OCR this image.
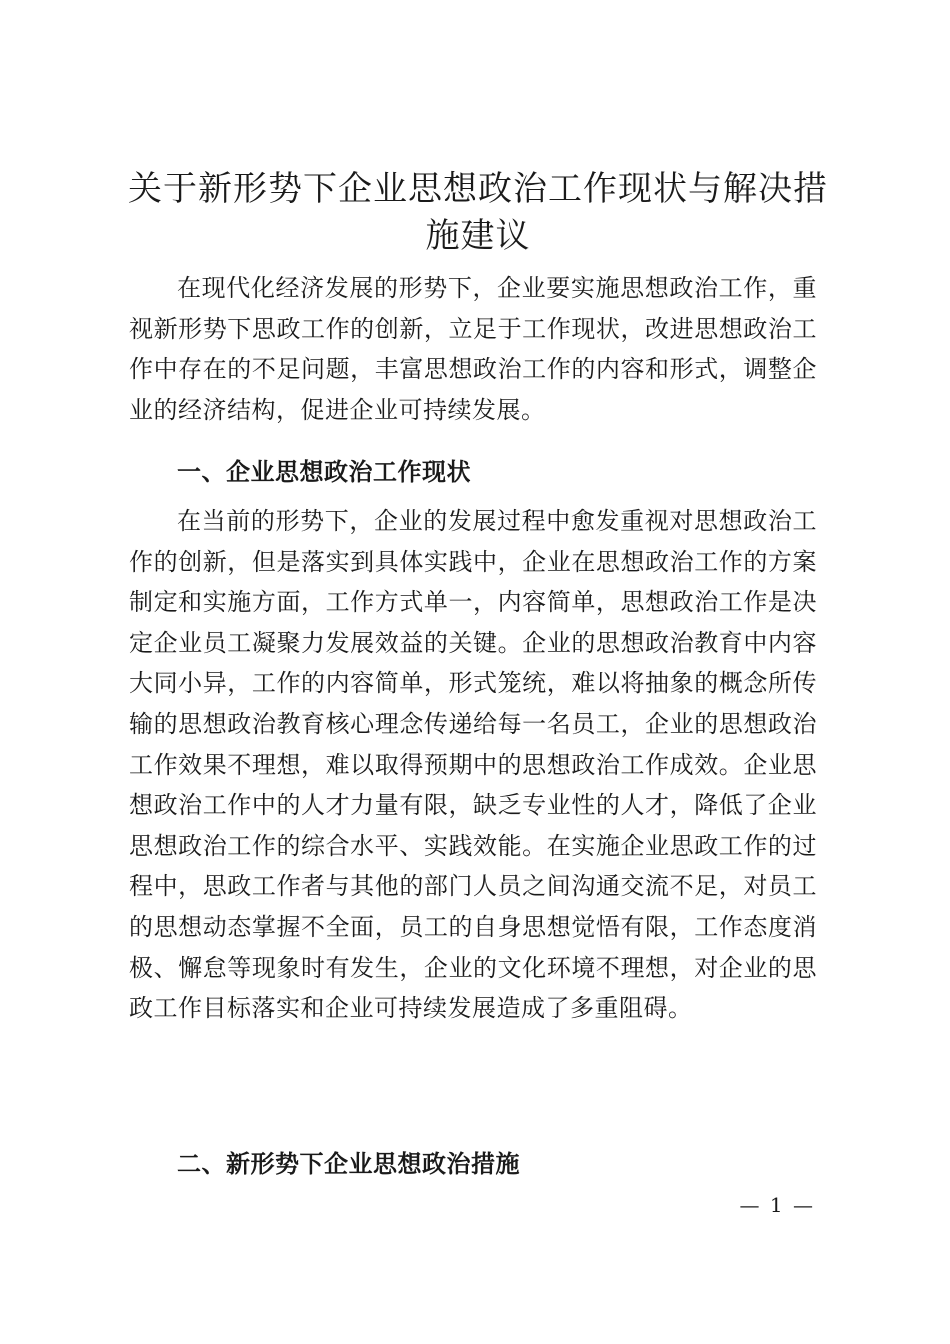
关于新形势下企业思想政治工作现状与解决措施建议

在现代化经济发展的形势下，企业要实施思想政治工作，重视新形势下思政工作的创新，立足于工作现状，改进思想政治工作中存在的不足问题，丰富思想政治工作的内容和形式，调整企业的经济结构，促进企业可持续发展。

一、企业思想政治工作现状

在当前的形势下，企业的发展过程中愈发重视对思想政治工作的创新，但是落实到具体实践中，企业在思想政治工作的方案制定和实施方面，工作方式单一，内容简单，思想政治工作是决定企业员工凝聚力发展效益的关键。企业的思想政治教育中内容大同小异，工作的内容简单，形式笼统，难以将抽象的概念所传输的思想政治教育核心理念传递给每一名员工，企业的思想政治工作效果不理想，难以取得预期中的思想政治工作成效。企业思想政治工作中的人才力量有限，缺乏专业性的人才，降低了企业思想政治工作的综合水平、实践效能。在实施企业思政工作的过程中，思政工作者与其他的部门人员之间沟通交流不足，对员工的思想动态掌握不全面，员工的自身思想觉悟有限，工作态度消极、懈怠等现象时有发生，企业的文化环境不理想，对企业的思政工作目标落实和企业可持续发展造成了多重阻碍。

二、新形势下企业思想政治措施
— 1 —
